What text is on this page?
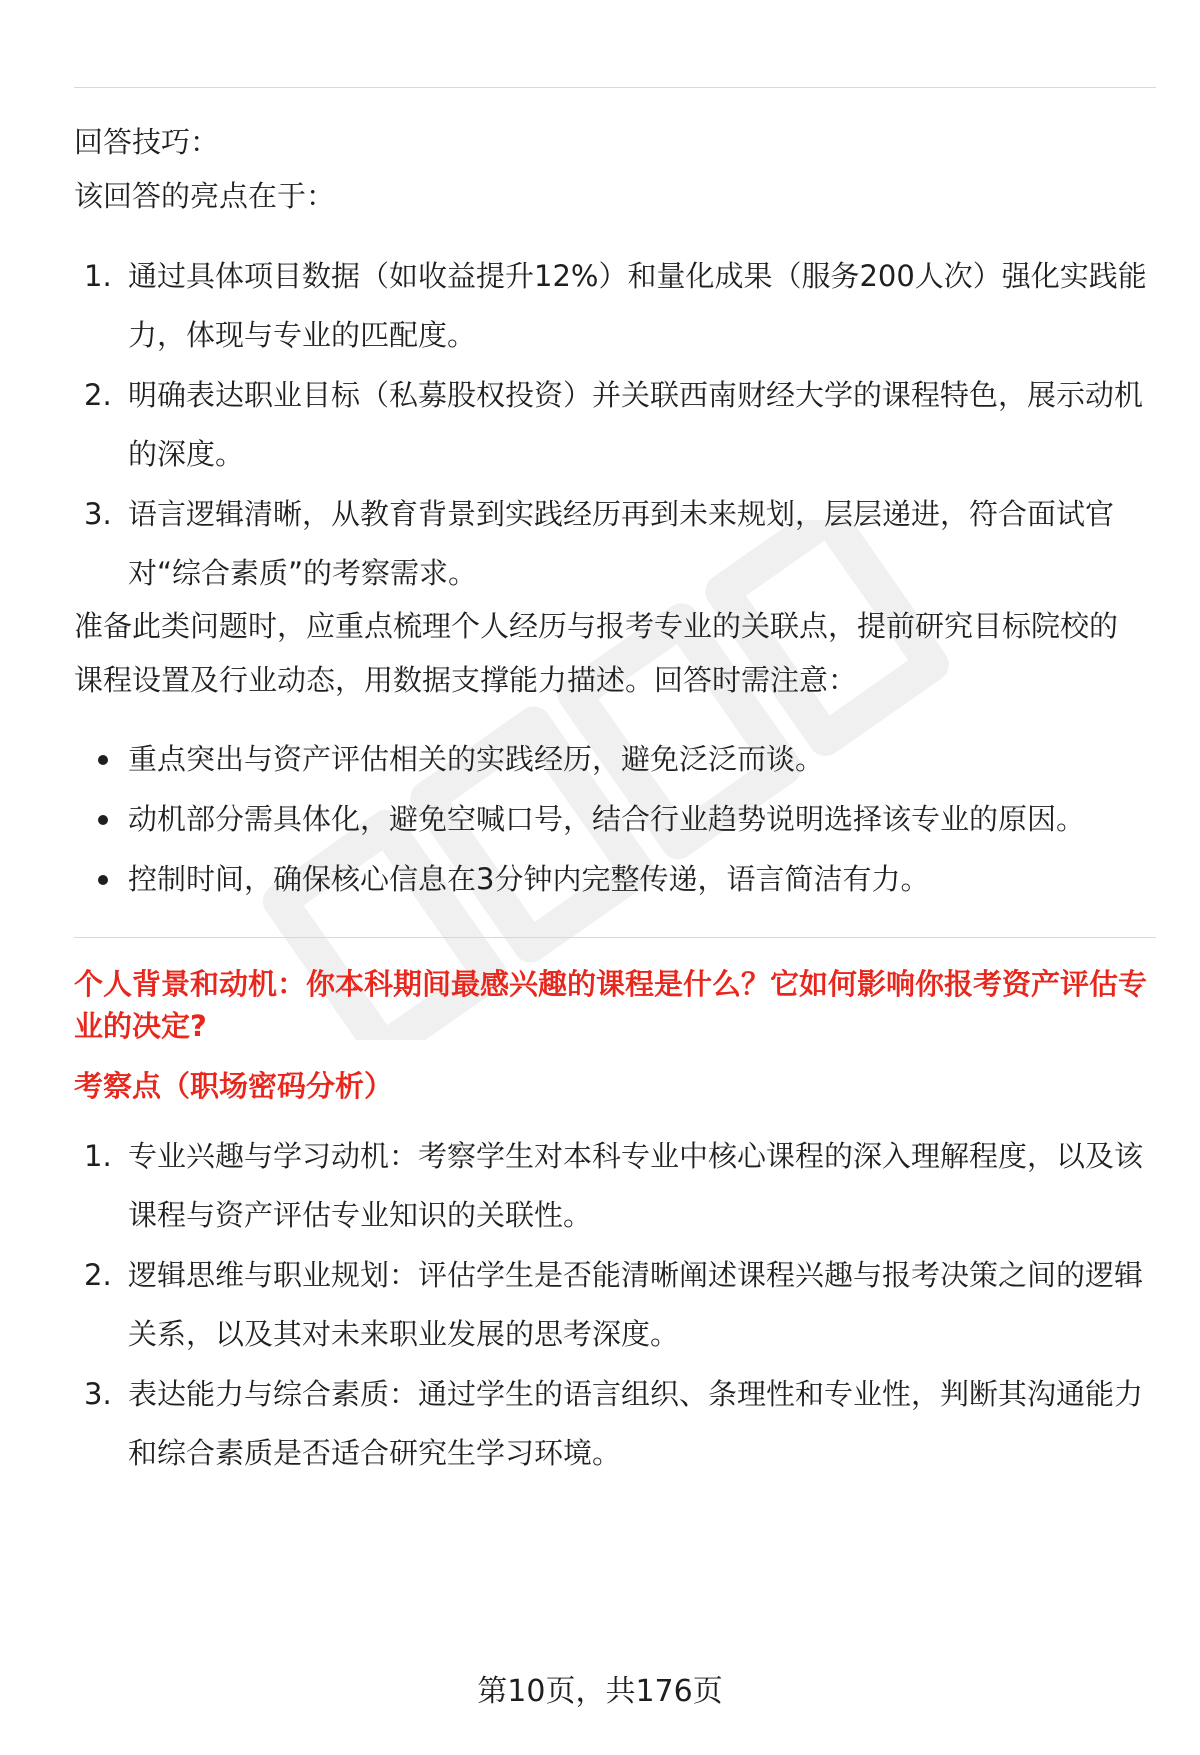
回答技巧：
该回答的亮点在于：
1. 通过具体项目数据（如收益提升12%）和量化成果（服务200人次）强化实践能力，体现与专业的匹配度。
2. 明确表达职业目标（私募股权投资）并关联西南财经大学的课程特色，展示动机的深度。
3. 语言逻辑清晰，从教育背景到实践经历再到未来规划，层层递进，符合面试官对“综合素质”的考察需求。
准备此类问题时，应重点梳理个人经历与报考专业的关联点，提前研究目标院校的
课程设置及行业动态，用数据支撑能力描述。回答时需注意：
重点突出与资产评估相关的实践经历，避免泛泛而谈。
动机部分需具体化，避免空喊口号，结合行业趋势说明选择该专业的原因。
控制时间，确保核心信息在3分钟内完整传递，语言简洁有力。
个人背景和动机：你本科期间最感兴趣的课程是什么？它如何影响你报考资产评估专业的决定?
考察点（职场密码分析）
1. 专业兴趣与学习动机：考察学生对本科专业中核心课程的深入理解程度，以及该课程与资产评估专业知识的关联性。
2. 逻辑思维与职业规划：评估学生是否能清晰阐述课程兴趣与报考决策之间的逻辑关系，以及其对未来职业发展的思考深度。
3. 表达能力与综合素质：通过学生的语言组织、条理性和专业性，判断其沟通能力和综合素质是否适合研究生学习环境。
第10页，共176页
